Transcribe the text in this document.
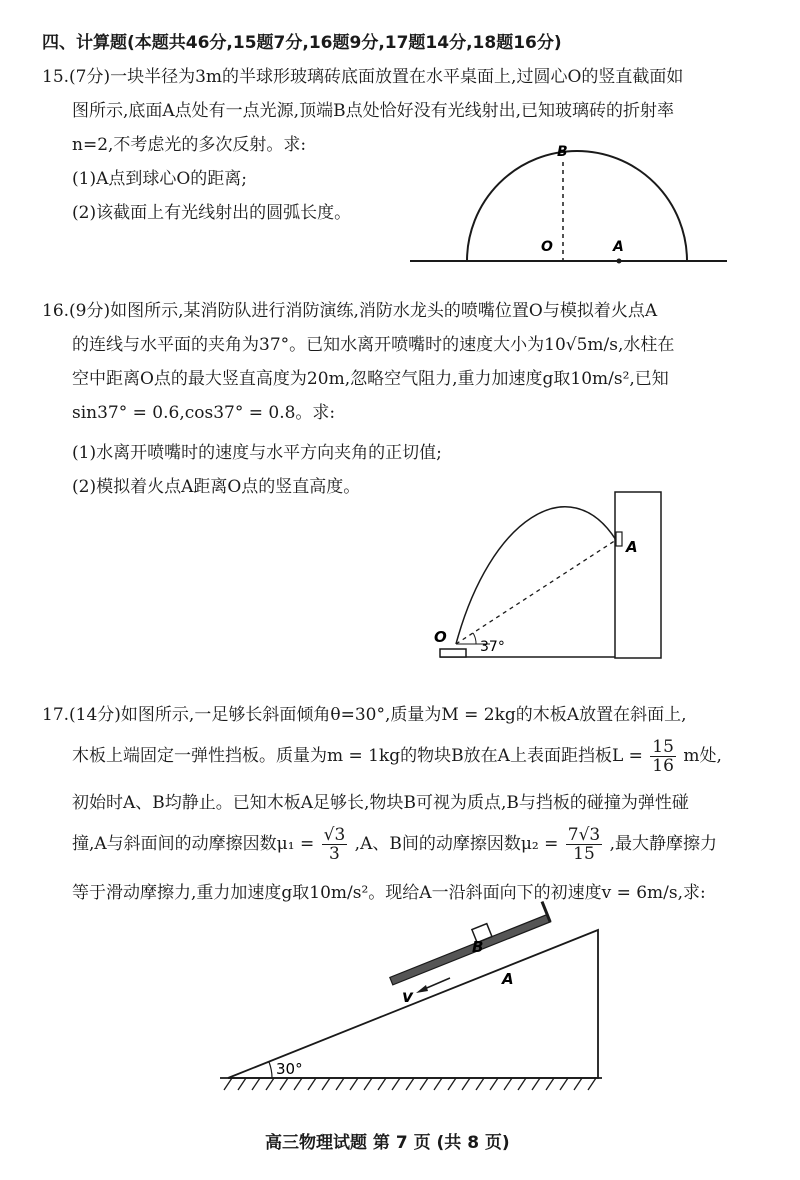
四、计算题(本题共46分,15题7分,16题9分,17题14分,18题16分)
15.(7分)一块半径为3m的半球形玻璃砖底面放置在水平桌面上,过圆心O的竖直截面如
图所示,底面A点处有一点光源,顶端B点处恰好没有光线射出,已知玻璃砖的折射率
n=2,不考虑光的多次反射。求:
(1)A点到球心O的距离;
(2)该截面上有光线射出的圆弧长度。
B
O	A
16.(9分)如图所示,某消防队进行消防演练,消防水龙头的喷嘴位置O与模拟着火点A
的连线与水平面的夹角为37°。已知水离开喷嘴时的速度大小为10√5m/s,水柱在
空中距离O点的最大竖直高度为20m,忽略空气阻力,重力加速度g取10m/s²,已知
sin37° = 0.6,cos37° = 0.8。求:
(1)水离开喷嘴时的速度与水平方向夹角的正切值;
(2)模拟着火点A距离O点的竖直高度。
O
A
37°
17.(14分)如图所示,一足够长斜面倾角θ=30°,质量为M = 2kg的木板A放置在斜面上,
木板上端固定一弹性挡板。质量为m = 1kg的物块B放在A上表面距挡板$L = \frac{15}{16}$ m处,
初始时A、B均静止。已知木板A足够长,物块B可视为质点,B与挡板的碰撞为弹性碰
撞,A与斜面间的动摩擦因数$\mu_1 = \frac{√3}{3} ,A$、B间的动摩擦因数$\mu_2 = \frac{7√3}{15}$ ,最大静摩擦力
等于滑动摩擦力,重力加速度g取10m/s²。现给A一沿斜面向下的初速度v = 6m/s,求:
B
A
v
30°
高三物理试题 第 7 页 (共 8 页)
